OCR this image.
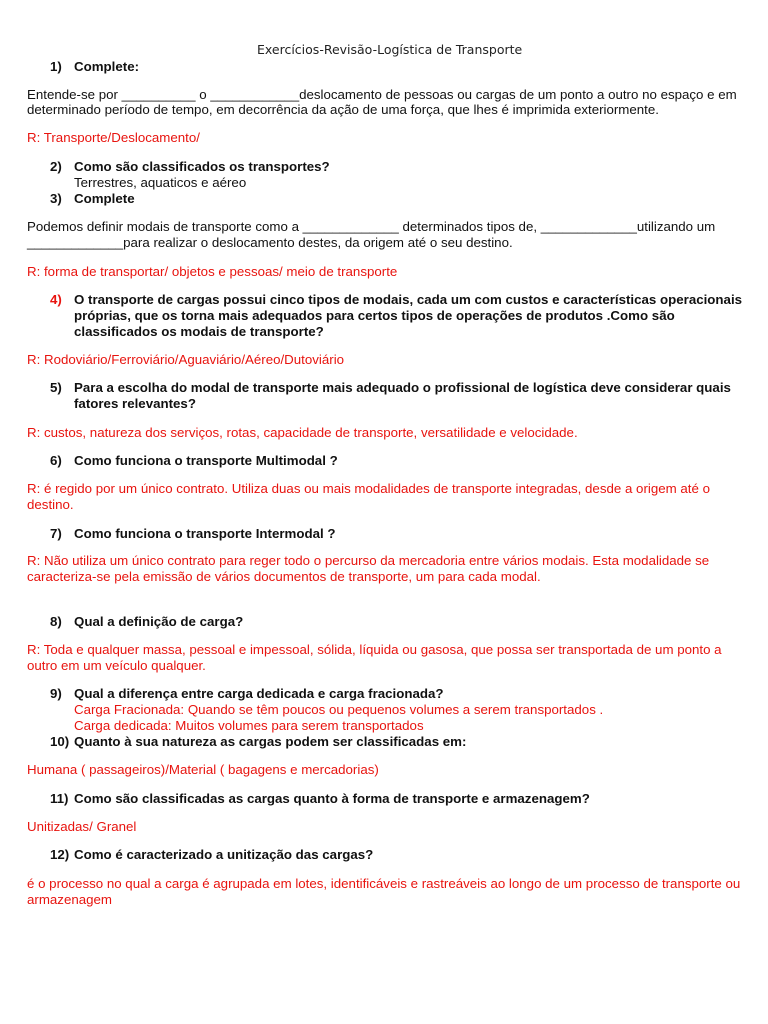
Exercícios-Revisão-Logística de Transporte
1) Complete:
Entende-se por __________ o ____________deslocamento de pessoas ou cargas de um ponto a outro no espaço e em
determinado período de tempo, em decorrência da ação de uma força, que lhes é imprimida exteriormente.
R: Transporte/Deslocamento/
2) Como são classificados os transportes?
Terrestres, aquaticos e aéreo
3) Complete
Podemos definir modais de transporte como a _____________ determinados tipos de, _____________utilizando um
_____________para realizar o deslocamento destes, da origem até o seu destino.
R: forma de transportar/ objetos e pessoas/ meio de transporte
4) O transporte de cargas possui cinco tipos de modais, cada um com custos e características operacionais
próprias, que os torna mais adequados para certos tipos de operações de produtos .Como são
classificados os modais de transporte?
R: Rodoviário/Ferroviário/Aguaviário/Aéreo/Dutoviário
5) Para a escolha do modal de transporte mais adequado o profissional de logística deve considerar quais
fatores relevantes?
R: custos, natureza dos serviços, rotas, capacidade de transporte, versatilidade e velocidade.
6) Como funciona o transporte Multimodal ?
R: é regido por um único contrato. Utiliza duas ou mais modalidades de transporte integradas, desde a origem até o
destino.
7) Como funciona o transporte Intermodal ?
R: Não utiliza um único contrato para reger todo o percurso da mercadoria entre vários modais. Esta modalidade se
caracteriza-se pela emissão de vários documentos de transporte, um para cada modal.
8) Qual a definição de carga?
R: Toda e qualquer massa, pessoal e impessoal, sólida, líquida ou gasosa, que possa ser transportada de um ponto a
outro em um veículo qualquer.
9) Qual a diferença entre carga dedicada e carga fracionada?
Carga Fracionada: Quando se têm poucos ou pequenos volumes a serem transportados .
Carga dedicada: Muitos volumes para serem transportados
10) Quanto à sua natureza as cargas podem ser classificadas em:
Humana ( passageiros)/Material ( bagagens e mercadorias)
11) Como são classificadas as cargas quanto à forma de transporte e armazenagem?
Unitizadas/ Granel
12) Como é caracterizado a unitização das cargas?
é o processo no qual a carga é agrupada em lotes, identificáveis e rastreáveis ao longo de um processo de transporte ou
armazenagem
